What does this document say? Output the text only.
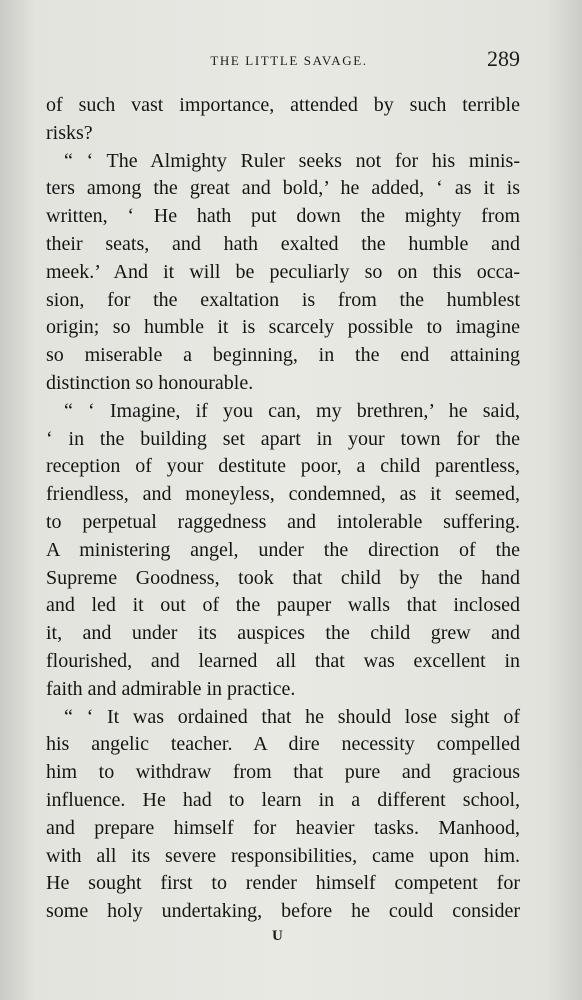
THE LITTLE SAVAGE.	289
of such vast importance, attended by such terrible
risks?
“ ‘ The Almighty Ruler seeks not for his minis-
ters among the great and bold,’ he added, ‘ as it is
written, ‘ He hath put down the mighty from
their seats, and hath exalted the humble and
meek.’ And it will be peculiarly so on this occa-
sion, for the exaltation is from the humblest
origin; so humble it is scarcely possible to imagine
so miserable a beginning, in the end attaining
distinction so honourable.
“ ‘ Imagine, if you can, my brethren,’ he said,
‘ in the building set apart in your town for the
reception of your destitute poor, a child parentless,
friendless, and moneyless, condemned, as it seemed,
to perpetual raggedness and intolerable suffering.
A ministering angel, under the direction of the
Supreme Goodness, took that child by the hand
and led it out of the pauper walls that inclosed
it, and under its auspices the child grew and
flourished, and learned all that was excellent in
faith and admirable in practice.
“ ‘ It was ordained that he should lose sight of
his angelic teacher. A dire necessity compelled
him to withdraw from that pure and gracious
influence. He had to learn in a different school,
and prepare himself for heavier tasks. Manhood,
with all its severe responsibilities, came upon him.
He sought first to render himself competent for
some holy undertaking, before he could consider
U
